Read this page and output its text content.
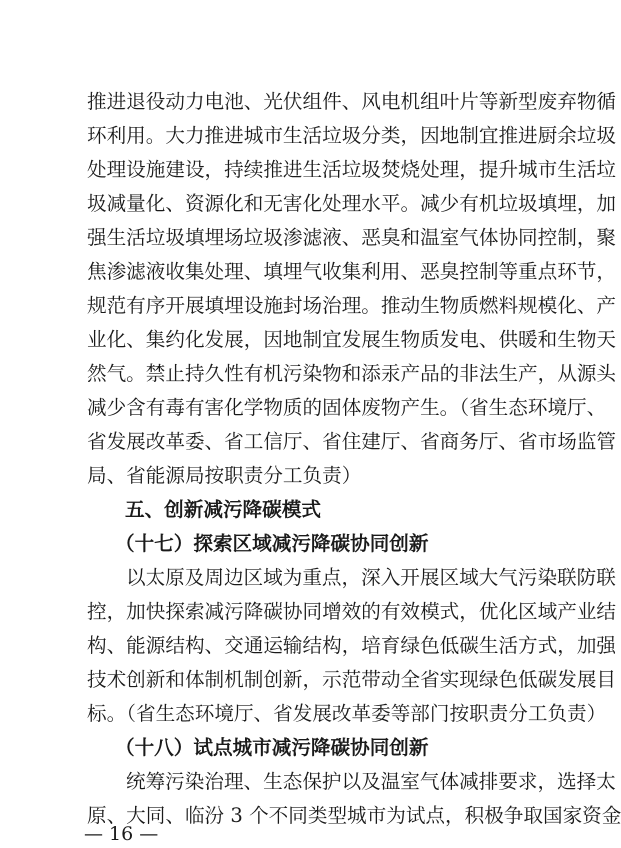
推进退役动力电池、光伏组件、风电机组叶片等新型废弃物循
环利用。大力推进城市生活垃圾分类，因地制宜推进厨余垃圾
处理设施建设，持续推进生活垃圾焚烧处理，提升城市生活垃
圾减量化、资源化和无害化处理水平。减少有机垃圾填埋，加
强生活垃圾填埋场垃圾渗滤液、恶臭和温室气体协同控制，聚
焦渗滤液收集处理、填埋气收集利用、恶臭控制等重点环节，
规范有序开展填埋设施封场治理。推动生物质燃料规模化、产
业化、集约化发展，因地制宜发展生物质发电、供暖和生物天
然气。禁止持久性有机污染物和添汞产品的非法生产，从源头
减少含有毒有害化学物质的固体废物产生。（省生态环境厅、
省发展改革委、省工信厅、省住建厅、省商务厅、省市场监管
局、省能源局按职责分工负责）
五、创新减污降碳模式
（十七）探索区域减污降碳协同创新
以太原及周边区域为重点，深入开展区域大气污染联防联
控，加快探索减污降碳协同增效的有效模式，优化区域产业结
构、能源结构、交通运输结构，培育绿色低碳生活方式，加强
技术创新和体制机制创新，示范带动全省实现绿色低碳发展目
标。（省生态环境厅、省发展改革委等部门按职责分工负责）
（十八）试点城市减污降碳协同创新
统筹污染治理、生态保护以及温室气体减排要求，选择太
原、大同、临汾 3 个不同类型城市为试点，积极争取国家资金
— 16 —
